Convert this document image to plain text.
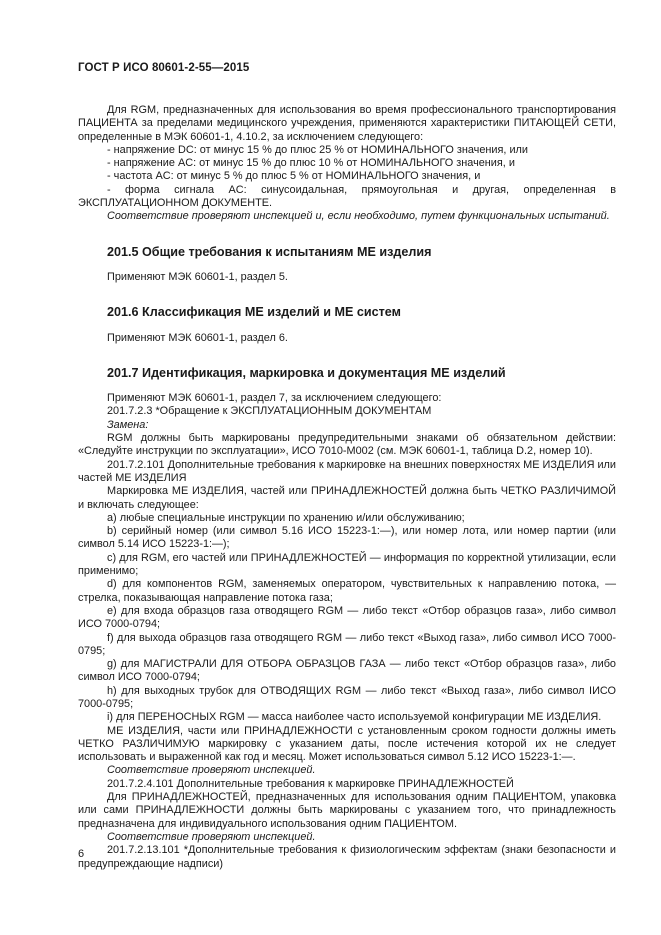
ГОСТ Р ИСО 80601-2-55—2015

Для RGM, предназначенных для использования во время профессионального транспортирования ПАЦИЕНТА за пределами медицинского учреждения, применяются характеристики ПИТАЮЩЕЙ СЕТИ, определенные в МЭК 60601-1, 4.10.2, за исключением следующего:

- напряжение DC: от минус 15 % до плюс 25 % от НОМИНАЛЬНОГО значения, или

- напряжение AC: от минус 15 % до плюс 10 % от НОМИНАЛЬНОГО значения, и

- частота AC: от минус 5 % до плюс 5 % от НОМИНАЛЬНОГО значения, и

- форма сигнала AC: синусоидальная, прямоугольная и другая, определенная в ЭКСПЛУАТАЦИОННОМ ДОКУМЕНТЕ.

Соответствие проверяют инспекцией и, если необходимо, путем функциональных испытаний.

201.5 Общие требования к испытаниям ME изделия

Применяют МЭК 60601-1, раздел 5.

201.6 Классификация ME изделий и ME систем

Применяют МЭК 60601-1, раздел 6.

201.7 Идентификация, маркировка и документация ME изделий

Применяют МЭК 60601-1, раздел 7, за исключением следующего:

201.7.2.3 *Обращение к ЭКСПЛУАТАЦИОННЫМ ДОКУМЕНТАМ

Замена:

RGM должны быть маркированы предупредительными знаками об обязательном действии: «Следуйте инструкции по эксплуатации», ИСО 7010-M002 (см. МЭК 60601-1, таблица D.2, номер 10).

201.7.2.101 Дополнительные требования к маркировке на внешних поверхностях ME ИЗДЕЛИЯ или частей ME ИЗДЕЛИЯ

Маркировка ME ИЗДЕЛИЯ, частей или ПРИНАДЛЕЖНОСТЕЙ должна быть ЧЕТКО РАЗЛИЧИМОЙ и включать следующее:

a) любые специальные инструкции по хранению и/или обслуживанию;

b) серийный номер (или символ 5.16 ИСО 15223-1:—), или номер лота, или номер партии (или символ 5.14 ИСО 15223-1:—);

c) для RGM, его частей или ПРИНАДЛЕЖНОСТЕЙ — информация по корректной утилизации, если применимо;

d) для компонентов RGM, заменяемых оператором, чувствительных к направлению потока, — стрелка, показывающая направление потока газа;

e) для входа образцов газа отводящего RGM — либо текст «Отбор образцов газа», либо символ ИСО 7000-0794;

f) для выхода образцов газа отводящего RGM — либо текст «Выход газа», либо символ ИСО 7000-0795;

g) для МАГИСТРАЛИ ДЛЯ ОТБОРА ОБРАЗЦОВ ГАЗА — либо текст «Отбор образцов газа», либо символ ИСО 7000-0794;

h) для выходных трубок для ОТВОДЯЩИХ RGM — либо текст «Выход газа», либо символ IИСО 7000-0795;

i) для ПЕРЕНОСНЫХ RGM — масса наиболее часто используемой конфигурации ME ИЗДЕЛИЯ.

ME ИЗДЕЛИЯ, части или ПРИНАДЛЕЖНОСТИ с установленным сроком годности должны иметь ЧЕТКО РАЗЛИЧИМУЮ маркировку с указанием даты, после истечения которой их не следует использовать и выраженной как год и месяц. Может использоваться символ 5.12 ИСО 15223-1:—.

Соответствие проверяют инспекцией.

201.7.2.4.101 Дополнительные требования к маркировке ПРИНАДЛЕЖНОСТЕЙ

Для ПРИНАДЛЕЖНОСТЕЙ, предназначенных для использования одним ПАЦИЕНТОМ, упаковка или сами ПРИНАДЛЕЖНОСТИ должны быть маркированы с указанием того, что принадлежность предназначена для индивидуального использования одним ПАЦИЕНТОМ.

Соответствие проверяют инспекцией.

201.7.2.13.101 *Дополнительные требования к физиологическим эффектам (знаки безопасности и предупреждающие надписи)

6
